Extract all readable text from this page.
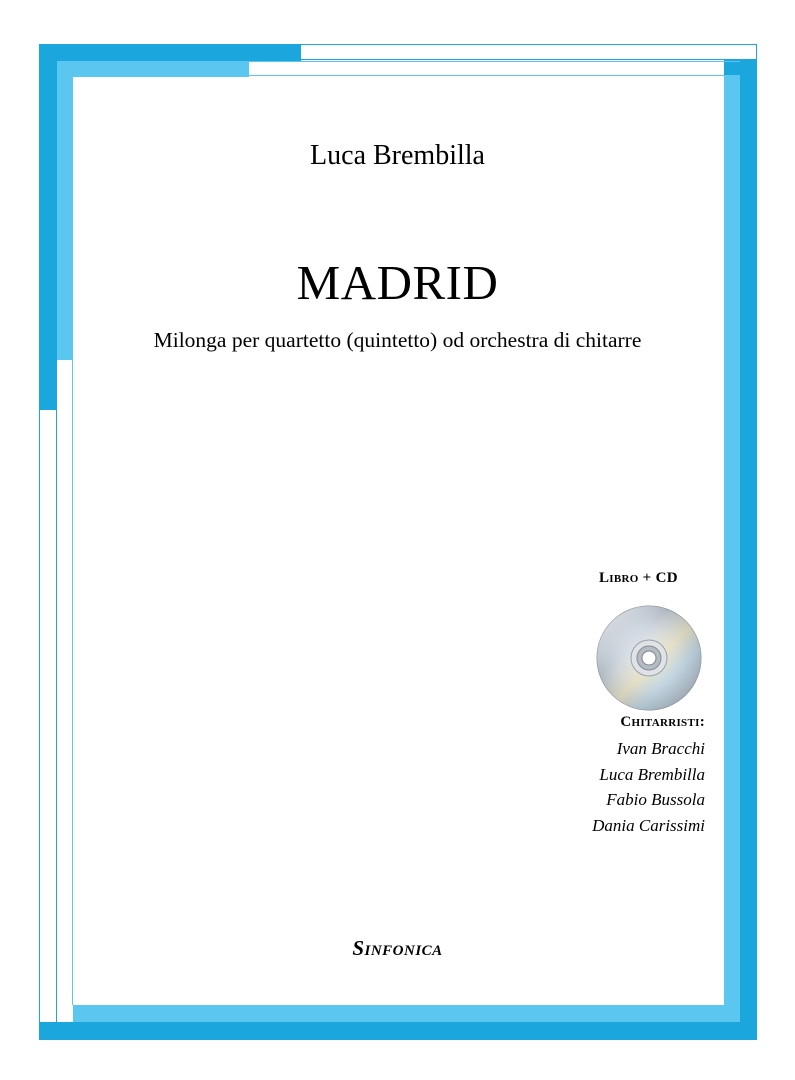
Luca Brembilla
MADRID
Milonga per quartetto (quintetto) od orchestra di chitarre
Libro + CD
Chitarristi:
Ivan Bracchi
Luca Brembilla
Fabio Bussola
Dania Carissimi
Sinfonica
